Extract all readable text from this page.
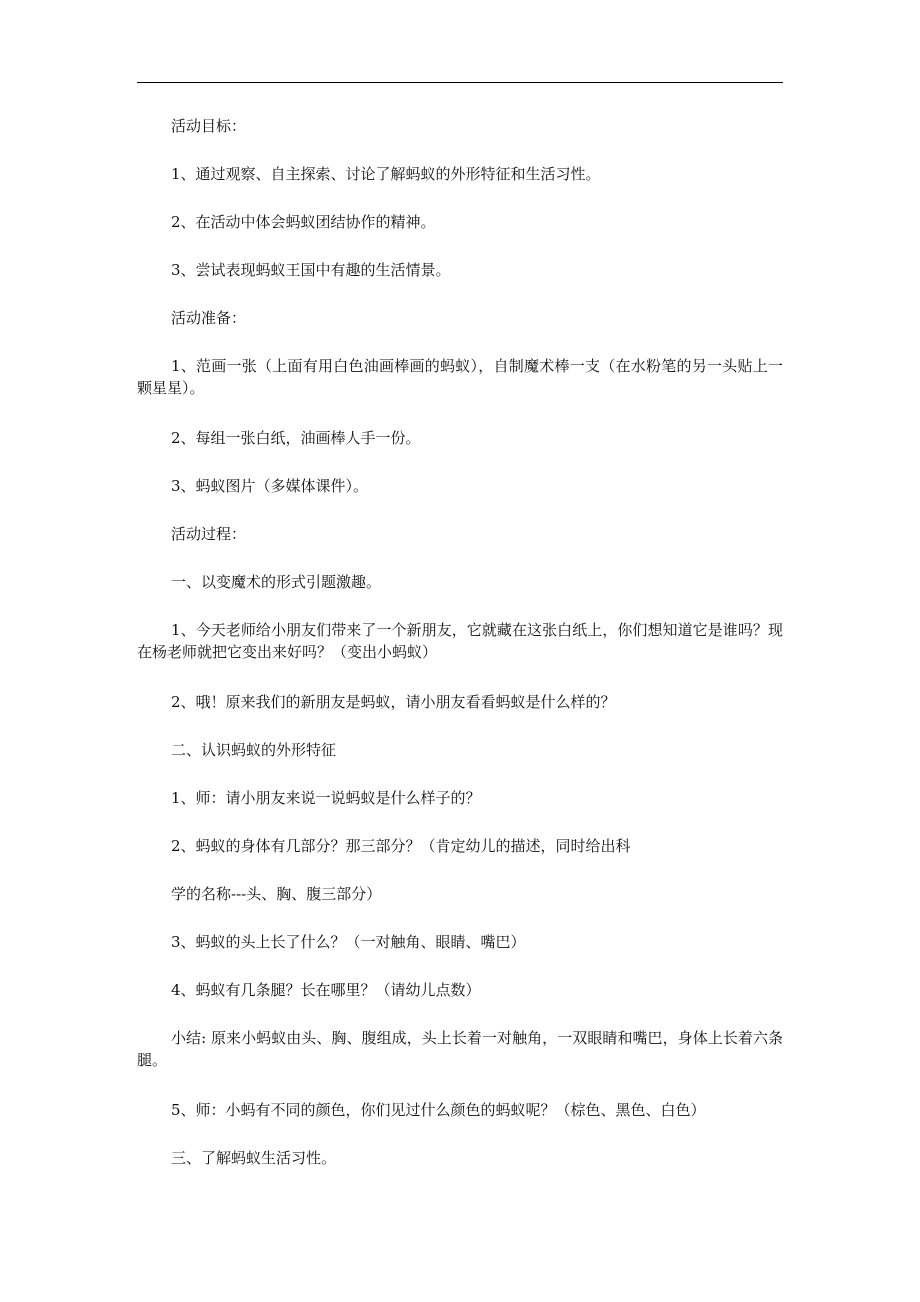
活动目标：
1、通过观察、自主探索、讨论了解蚂蚁的外形特征和生活习性。
2、在活动中体会蚂蚁团结协作的精神。
3、尝试表现蚂蚁王国中有趣的生活情景。
活动准备：
1、范画一张（上面有用白色油画棒画的蚂蚁），自制魔术棒一支（在水粉笔的另一头贴上一颗星星）。
2、每组一张白纸，油画棒人手一份。
3、蚂蚁图片（多媒体课件）。
活动过程：
一、以变魔术的形式引题激趣。
1、今天老师给小朋友们带来了一个新朋友，它就藏在这张白纸上，你们想知道它是谁吗？现在杨老师就把它变出来好吗？（变出小蚂蚁）
2、哦！原来我们的新朋友是蚂蚁，请小朋友看看蚂蚁是什么样的？
二、认识蚂蚁的外形特征
1、师：请小朋友来说一说蚂蚁是什么样子的？
2、蚂蚁的身体有几部分？那三部分？（肯定幼儿的描述，同时给出科
学的名称---头、胸、腹三部分）
3、蚂蚁的头上长了什么？（一对触角、眼睛、嘴巴）
4、蚂蚁有几条腿？长在哪里？（请幼儿点数）
小结: 原来小蚂蚁由头、胸、腹组成，头上长着一对触角，一双眼睛和嘴巴，身体上长着六条腿。
5、师：小蚂有不同的颜色，你们见过什么颜色的蚂蚁呢？（棕色、黑色、白色）
三、了解蚂蚁生活习性。
